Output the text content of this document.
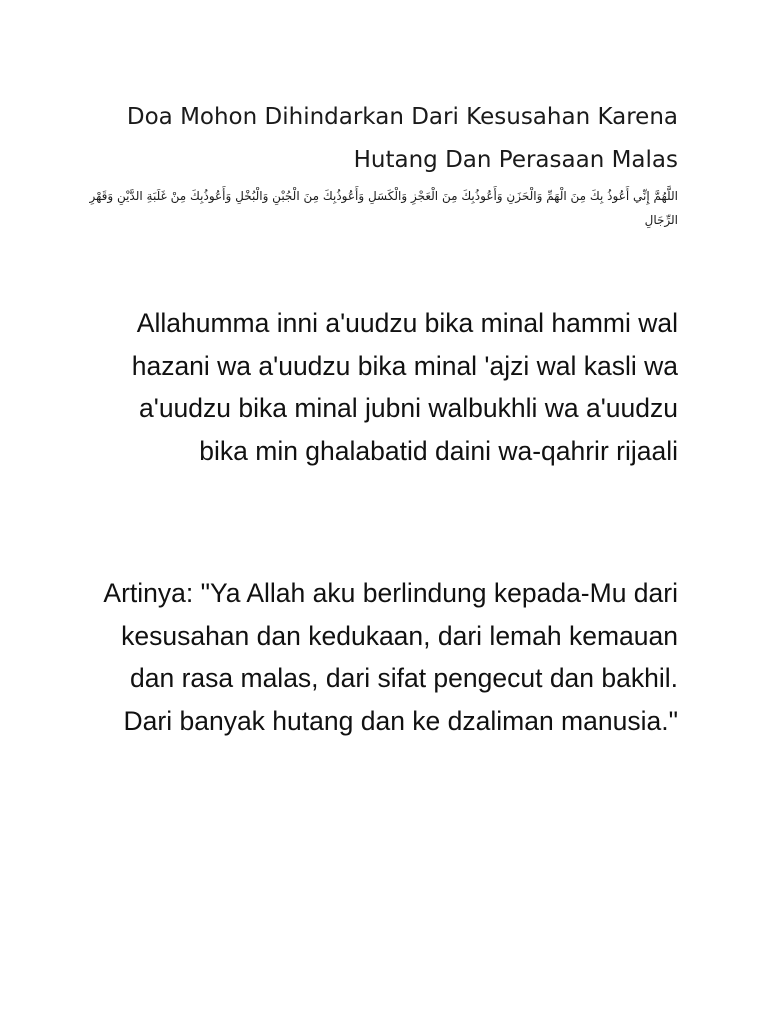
Doa Mohon Dihindarkan Dari Kesusahan Karena Hutang Dan Perasaan Malas

اللَّهُمَّ إِنِّي أَعُوذُ بِكَ مِنَ الْهَمِّ وَالْحَزَنِ وَأَعُوذُبِكَ مِنَ الْعَجْزِ وَالْكَسَلِ وَأَعُوذُبِكَ مِنَ الْجُبْنِ وَالْبُخْلِ وَأَعُوذُبِكَ مِنْ غَلَبَةِ الدَّيْنِ وَقَهْرِ الرِّجَالِ

Allahumma inni a'uudzu bika minal hammi wal hazani wa a'uudzu bika minal 'ajzi wal kasli wa a'uudzu bika minal jubni walbukhli wa a'uudzu bika min ghalabatid daini wa-qahrir rijaali

Artinya: "Ya Allah aku berlindung kepada-Mu dari kesusahan dan kedukaan, dari lemah kemauan dan rasa malas, dari sifat pengecut dan bakhil. Dari banyak hutang dan ke dzaliman manusia."
